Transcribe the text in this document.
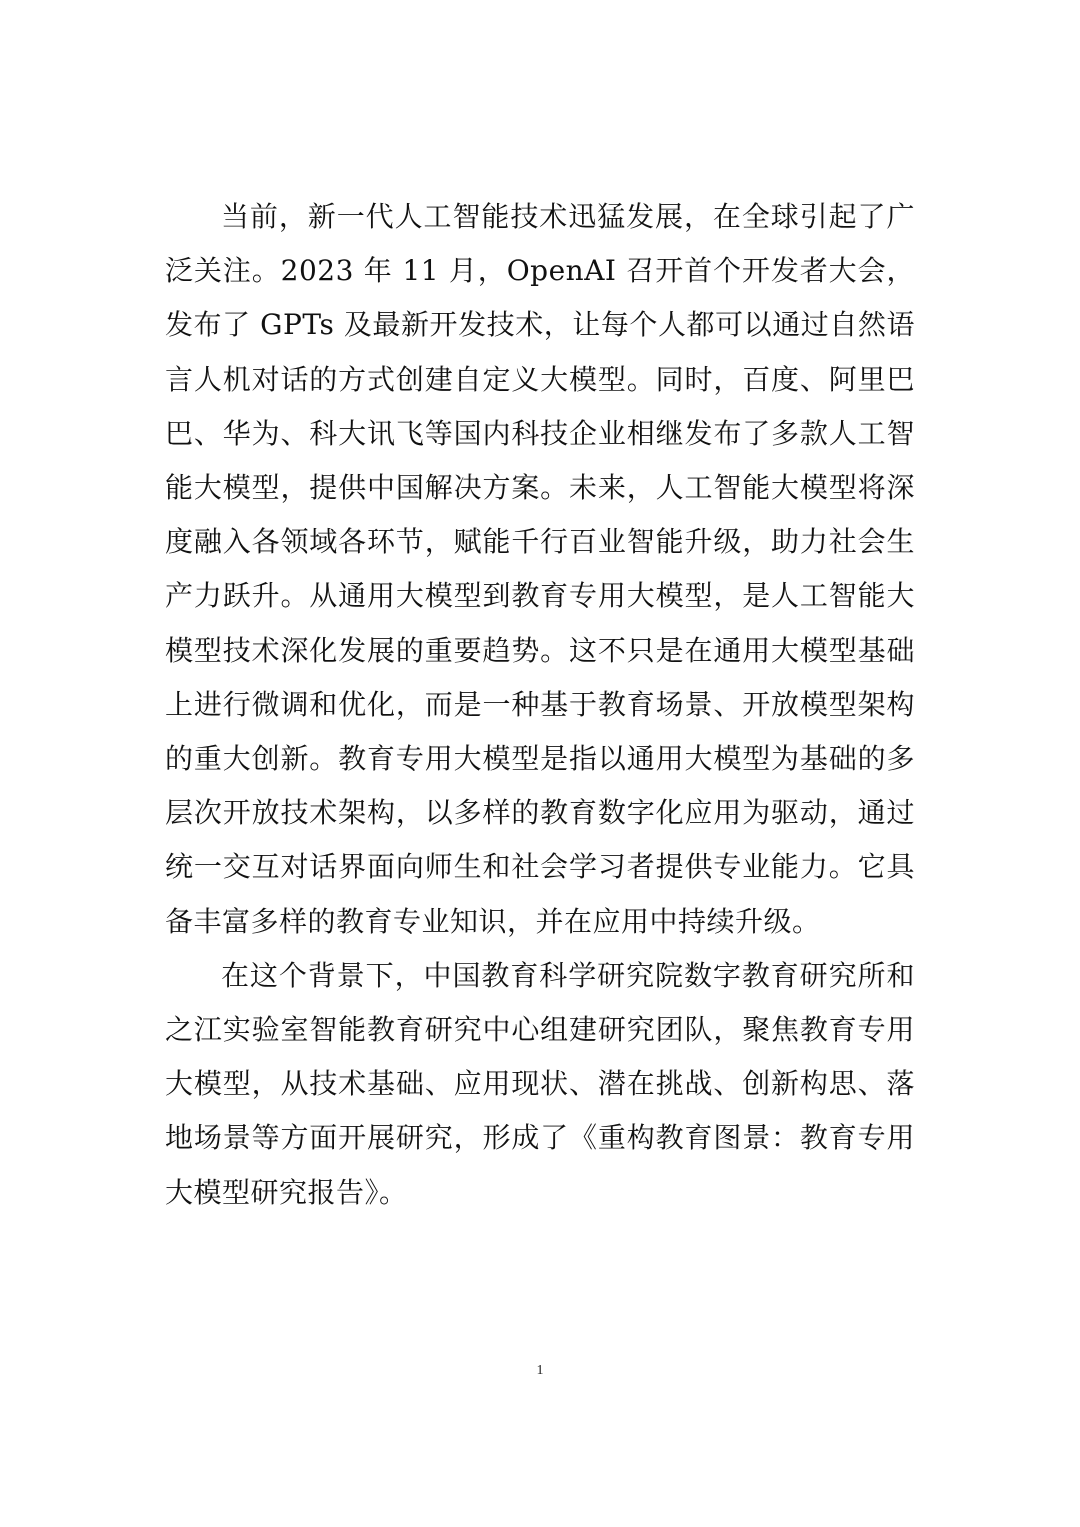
当前，新一代人工智能技术迅猛发展，在全球引起了广泛关注。2023 年 11 月，OpenAI 召开首个开发者大会，发布了 GPTs 及最新开发技术，让每个人都可以通过自然语言人机对话的方式创建自定义大模型。同时，百度、阿里巴巴、华为、科大讯飞等国内科技企业相继发布了多款人工智能大模型，提供中国解决方案。未来，人工智能大模型将深度融入各领域各环节，赋能千行百业智能升级，助力社会生产力跃升。从通用大模型到教育专用大模型，是人工智能大模型技术深化发展的重要趋势。这不只是在通用大模型基础上进行微调和优化，而是一种基于教育场景、开放模型架构的重大创新。教育专用大模型是指以通用大模型为基础的多层次开放技术架构，以多样的教育数字化应用为驱动，通过统一交互对话界面向师生和社会学习者提供专业能力。它具备丰富多样的教育专业知识，并在应用中持续升级。

在这个背景下，中国教育科学研究院数字教育研究所和之江实验室智能教育研究中心组建研究团队，聚焦教育专用大模型，从技术基础、应用现状、潜在挑战、创新构思、落地场景等方面开展研究，形成了《重构教育图景：教育专用大模型研究报告》。

1
